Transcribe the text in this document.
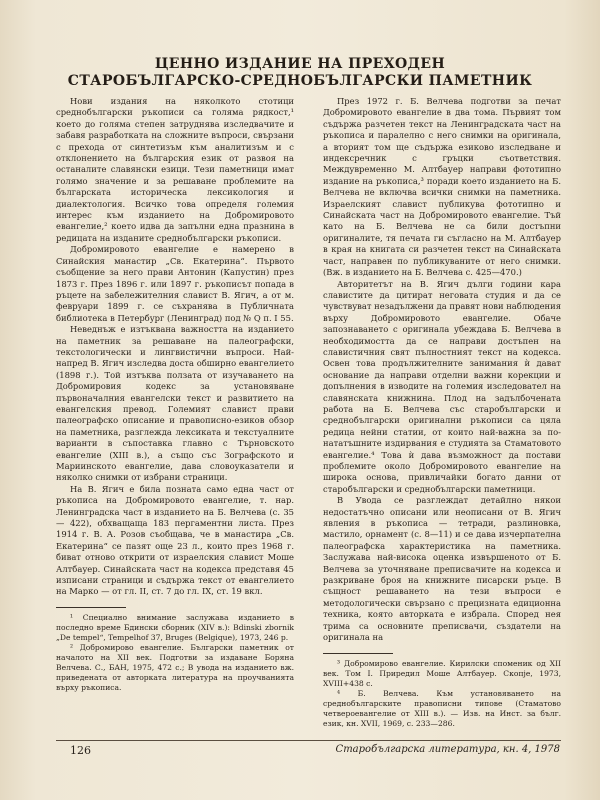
ЦЕННО ИЗДАНИЕ НА ПРЕХОДЕН
СТАРОБЪЛГАРСКО-СРЕДНОБЪЛГАРСКИ ПАМЕТНИК

Нови издания на няколкото стотици среднобългарски ръкописи са голяма рядкост,¹ което до голяма степен затруднява изследвачите и забавя разработката на сложните въпроси, свързани с прехода от синтетизъм към аналитизъм и с отклонението на българския език от развоя на останалите славянски езици. Тези паметници имат голямо значение и за решаване проблемите на българската историческа лексикология и диалектология. Всичко това определя големия интерес към изданието на Добромировото евангелие,² което идва да запълни една празнина в редицата на изданите среднобългарски ръкописи.

Добромировото евангелие е намерено в Синайския манастир „Св. Екатерина“. Първото съобщение за него прави Антонин (Капустин) през 1873 г. През 1896 г. или 1897 г. ръкописът попада в ръцете на забележителния славист В. Ягич, а от м. февруари 1899 г. се съхранява в Публичната библиотека в Петербург (Ленинград) под № Q п. I 55.

Неведнъж е изтъквана важността на изданието на паметник за решаване на палеографски, текстологически и лингвистични въпроси. Най-напред В. Ягич изследва доста обширно евангелието (1898 г.). Той изтъква ползата от изучаването на Добромировия кодекс за установяване първоначалния евангелски текст и развитието на евангелския превод. Големият славист прави палеографско описание и правописно-езиков обзор на паметника, разглежда лексиката и текстуалните варианти в съпоставка главно с Търновското евангелие (XIII в.), а също със Зографското и Мариинското евангелие, дава словоуказатели и няколко снимки от избрани страници.

На В. Ягич е била позната само една част от ръкописа на Добромировото евангелие, т. нар. Ленинградска част в изданието на Б. Велчева (с. 35 — 422), обхващаща 183 пергаментни листа. През 1914 г. В. А. Розов съобщава, че в манастира „Св. Екатерина“ се пазят още 23 л., които през 1968 г. биват отново открити от израелския славист Моше Алтбауер. Синайската част на кодекса представя 45 изписани страници и съдържа текст от евангелието на Марко — от гл. II, ст. 7 до гл. IX, ст. 19 вкл.

¹ Специално внимание заслужава изданието в последно време Бдински сборник (XIV в.): Bdinski zbornik „De tempel“, Tempelhof 37, Bruges (Belgique), 1973, 246 p.

² Добромирово евангелие. Български паметник от началото на XII век. Подготви за издаване Боряна Велчева. С., БАН, 1975, 472 с.; В увода на изданието вж. приведената от авторката литература на проучванията върху ръкописа.

През 1972 г. Б. Велчева подготви за печат Добромировото евангелие в два тома. Първият том съдържа разчетен текст на Ленинградската част на ръкописа и паралелно с него снимки на оригинала, а вторият том ще съдържа езиково изследване и индексречник с гръцки съответствия. Междувременно М. Алтбауер направи фототипно издание на ръкописа,³ поради което изданието на Б. Велчева не включва всички снимки на паметника. Израелският славист публикува фототипно и Синайската част на Добромировото евангелие. Тъй като на Б. Велчева не са били достъпни оригиналите, тя печата ги съгласно на М. Алтбауер в края на книгата си разчетен текст на Синайската част, направен по публикуваните от него снимки. (Вж. в изданието на Б. Велчева с. 425—470.)

Авторитетът на В. Ягич дълги години кара славистите да цитират неговата студия и да се чувствуват незадължени да правят нови наблюдения върху Добромировото евангелие. Обаче запознаването с оригинала убеждава Б. Велчева в необходимостта да се направи достъпен на славистичния свят пълностният текст на кодекса. Освен това продължителните занимания ѝ дават основание да направи отделни важни корекции и допълнения в изводите на големия изследовател на славянската книжнина. Плод на задълбочената работа на Б. Велчева със старобългарски и среднобългарски оригинални ръкописи са цяла редица нейни статии, от които най-важна за по-нататъшните издирвания е студията за Стаматовото евангелие.⁴ Това ѝ дава възможност да постави проблемите около Добромировото евангелие на широка основа, привличайки богато данни от старобългарски и среднобългарски паметници.

В Увода се разглеждат детайлно някои недостатъчно описани или неописани от В. Ягич явления в ръкописа — тетради, разлиновка, мастило, орнамент (с. 8—11) и се дава изчерпателна палеографска характеристика на паметника. Заслужава най-висока оценка извършеното от Б. Велчева за уточняване преписвачите на кодекса и разкриване броя на книжните писарски ръце. В същност решаването на тези въпроси е методологически свързано с прецизната едиционна техника, която авторката е избрала. Според нея трима са основните преписвачи, създатели на оригинала на

³ Добромирово евангелие. Кирилски споменик од XII век. Том I. Приредил Моше Алтбауер. Скопје, 1973, XVIII+438 с.

⁴ Б. Велчева. Към установяването на среднобългарските правописни типове (Стаматово четвероевангелие от XIII в.). — Изв. на Инст. за бълг. език, кн. XVII, 1969, с. 233—286.

126	Старобългарска литература, кн. 4, 1978
